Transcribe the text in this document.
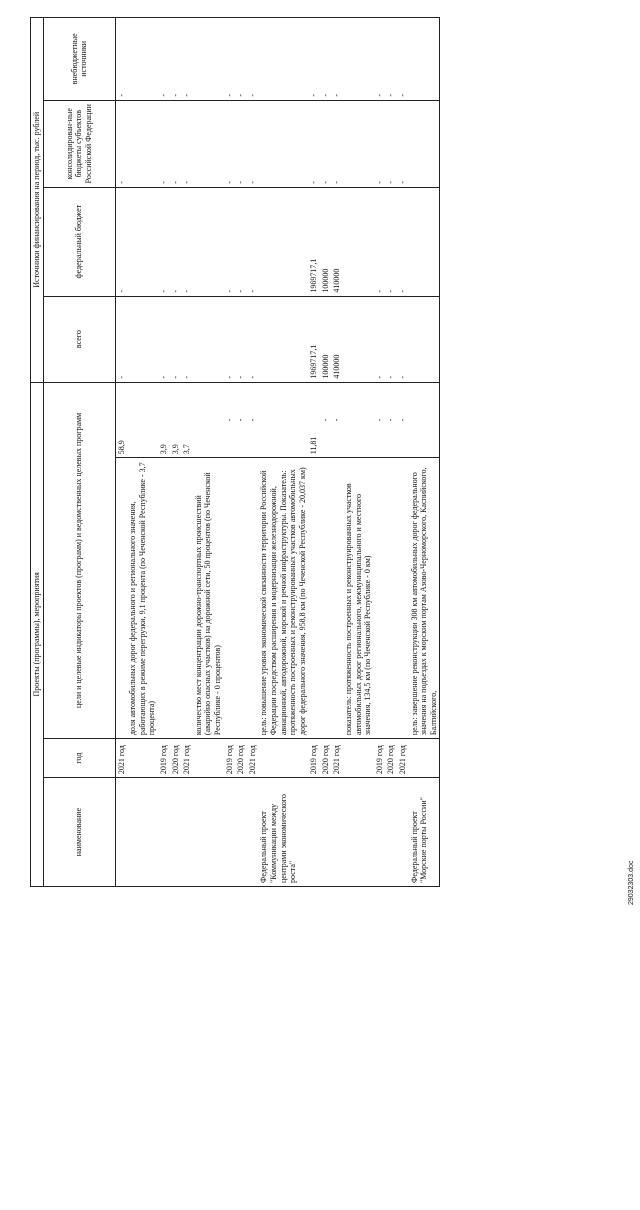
Проекты (программы), мероприятия				Источники финансирования на период, тыс. рублей			
наименование	год	цели и целевые индикаторы проектов (программ) и ведомственных целевых программ		всего	федеральный бюджет	консолидирован-ные бюджеты субъектов Российской Федерации	внебюджетные источники
	2021 год		58,9	-	-	-	-
		доля автомобильных дорог федерального и регионального значения, работающих в режиме перегрузки, 9,1 процента (по Чеченской Республике - 3,7 процента)					
	2019 год		3,9	-	-	-	-
	2020 год		3,9	-	-	-	-
	2021 год		3,7	-	-	-	-
		количество мест концентрации дорожно-транспортных происшествий (аварийно опасных участков) на дорожной сети, 50 процентов (по Чеченской Республике - 0 процентов)					
	2019 год		-	-	-	-	-
	2020 год		-	-	-	-	-
	2021 год		-	-	-	-	-
Федеральный проект "Коммуникации между центрами экономического роста"		цель: повышение уровня экономической связанности территории Российской Федерации посредством расширения и модернизации железнодорожной, авиационной, автодорожной, морской и речной инфраструктуры. Показатель: протяженность построенных и реконструированных участков автомобильных дорог федерального значения, 958,8 км (по Чеченской Республике - 20,037 км)					
	2019 год		11,81	1969717,1	1969717,1	-	-
	2020 год		-	100000	100000	-	-
	2021 год		-	410000	410000	-	-
		показатель: протяженность построенных и реконструированных участков автомобильных дорог регионального, межмуниципального и местного значения, 134,5 км (по Чеченской Республике - 0 км)					
	2019 год		-	-	-	-	-
	2020 год		-	-	-	-	-
	2021 год		-	-	-	-	-
Федеральный проект "Морские порты России"		цель: завершение реконструкции 308 км автомобильных дорог федерального значения на подъездах к морским портам Азово-Черноморского, Каспийского, Балтийского,					
29032303.doc
